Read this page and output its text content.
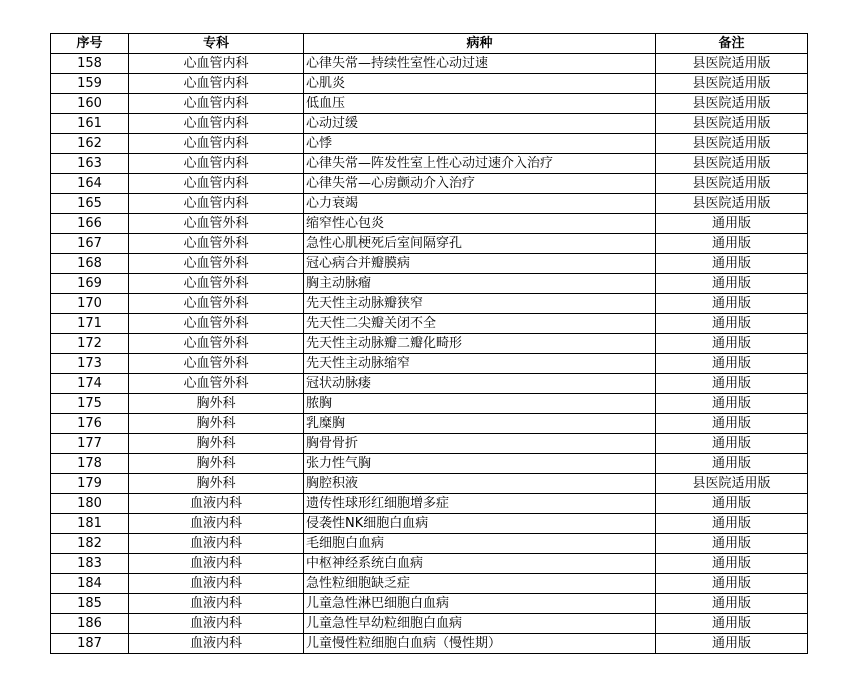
序号	专科	病种	备注
158	心血管内科	心律失常—持续性室性心动过速	县医院适用版
159	心血管内科	心肌炎	县医院适用版
160	心血管内科	低血压	县医院适用版
161	心血管内科	心动过缓	县医院适用版
162	心血管内科	心悸	县医院适用版
163	心血管内科	心律失常—阵发性室上性心动过速介入治疗	县医院适用版
164	心血管内科	心律失常—心房颤动介入治疗	县医院适用版
165	心血管内科	心力衰竭	县医院适用版
166	心血管外科	缩窄性心包炎	通用版
167	心血管外科	急性心肌梗死后室间隔穿孔	通用版
168	心血管外科	冠心病合并瓣膜病	通用版
169	心血管外科	胸主动脉瘤	通用版
170	心血管外科	先天性主动脉瓣狭窄	通用版
171	心血管外科	先天性二尖瓣关闭不全	通用版
172	心血管外科	先天性主动脉瓣二瓣化畸形	通用版
173	心血管外科	先天性主动脉缩窄	通用版
174	心血管外科	冠状动脉瘘	通用版
175	胸外科	脓胸	通用版
176	胸外科	乳糜胸	通用版
177	胸外科	胸骨骨折	通用版
178	胸外科	张力性气胸	通用版
179	胸外科	胸腔积液	县医院适用版
180	血液内科	遗传性球形红细胞增多症	通用版
181	血液内科	侵袭性NK细胞白血病	通用版
182	血液内科	毛细胞白血病	通用版
183	血液内科	中枢神经系统白血病	通用版
184	血液内科	急性粒细胞缺乏症	通用版
185	血液内科	儿童急性淋巴细胞白血病	通用版
186	血液内科	儿童急性早幼粒细胞白血病	通用版
187	血液内科	儿童慢性粒细胞白血病（慢性期）	通用版
